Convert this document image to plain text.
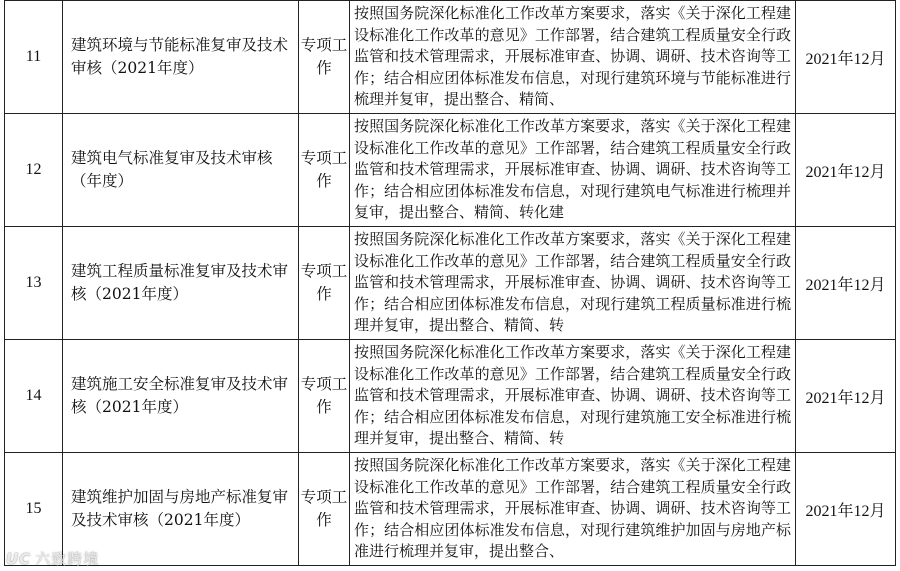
11	建筑环境与节能标准复审及技术审核（2021年度）	专项工作	按照国务院深化标准化工作改革方案要求，落实《关于深化工程建设标准化工作改革的意见》工作部署，结合建筑工程质量安全行政监管和技术管理需求，开展标准审查、协调、调研、技术咨询等工作；结合相应团体标准发布信息，对现行建筑环境与节能标准进行梳理并复审，提出整合、精简、	2021年12月
12	建筑电气标准复审及技术审核（年度）	专项工作	按照国务院深化标准化工作改革方案要求，落实《关于深化工程建设标准化工作改革的意见》工作部署，结合建筑工程质量安全行政监管和技术管理需求，开展标准审查、协调、调研、技术咨询等工作；结合相应团体标准发布信息，对现行建筑电气标准进行梳理并复审，提出整合、精简、转化建	2021年12月
13	建筑工程质量标准复审及技术审核（2021年度）	专项工作	按照国务院深化标准化工作改革方案要求，落实《关于深化工程建设标准化工作改革的意见》工作部署，结合建筑工程质量安全行政监管和技术管理需求，开展标准审查、协调、调研、技术咨询等工作；结合相应团体标准发布信息，对现行建筑工程质量标准进行梳理并复审，提出整合、精简、转	2021年12月
14	建筑施工安全标准复审及技术审核（2021年度）	专项工作	按照国务院深化标准化工作改革方案要求，落实《关于深化工程建设标准化工作改革的意见》工作部署，结合建筑工程质量安全行政监管和技术管理需求，开展标准审查、协调、调研、技术咨询等工作；结合相应团体标准发布信息，对现行建筑施工安全标准进行梳理并复审，提出整合、精简、转	2021年12月
15	建筑维护加固与房地产标准复审及技术审核（2021年度）	专项工作	按照国务院深化标准化工作改革方案要求，落实《关于深化工程建设标准化工作改革的意见》工作部署，结合建筑工程质量安全行政监管和技术管理需求，开展标准审查、协调、调研、技术咨询等工作；结合相应团体标准发布信息，对现行建筑维护加固与房地产标准进行梳理并复审，提出整合、	2021年12月
UC 六致跨境
